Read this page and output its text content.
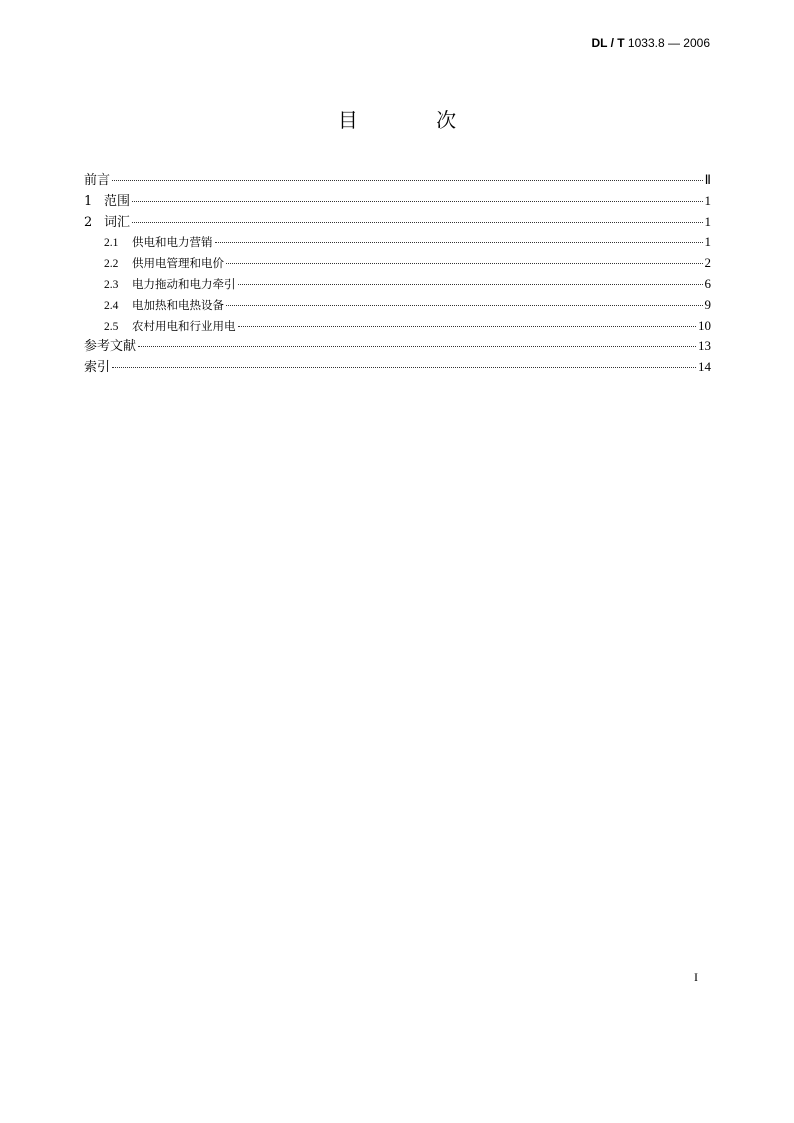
DL / T 1033.8 — 2006
目 次
前言	Ⅱ
1 范围	1
2 词汇	1
2.1	供电和电力营销	1
2.2	供用电管理和电价	2
2.3	电力拖动和电力牵引	6
2.4	电加热和电热设备	9
2.5	农村用电和行业用电	10
参考文献	13
索引	14
I
